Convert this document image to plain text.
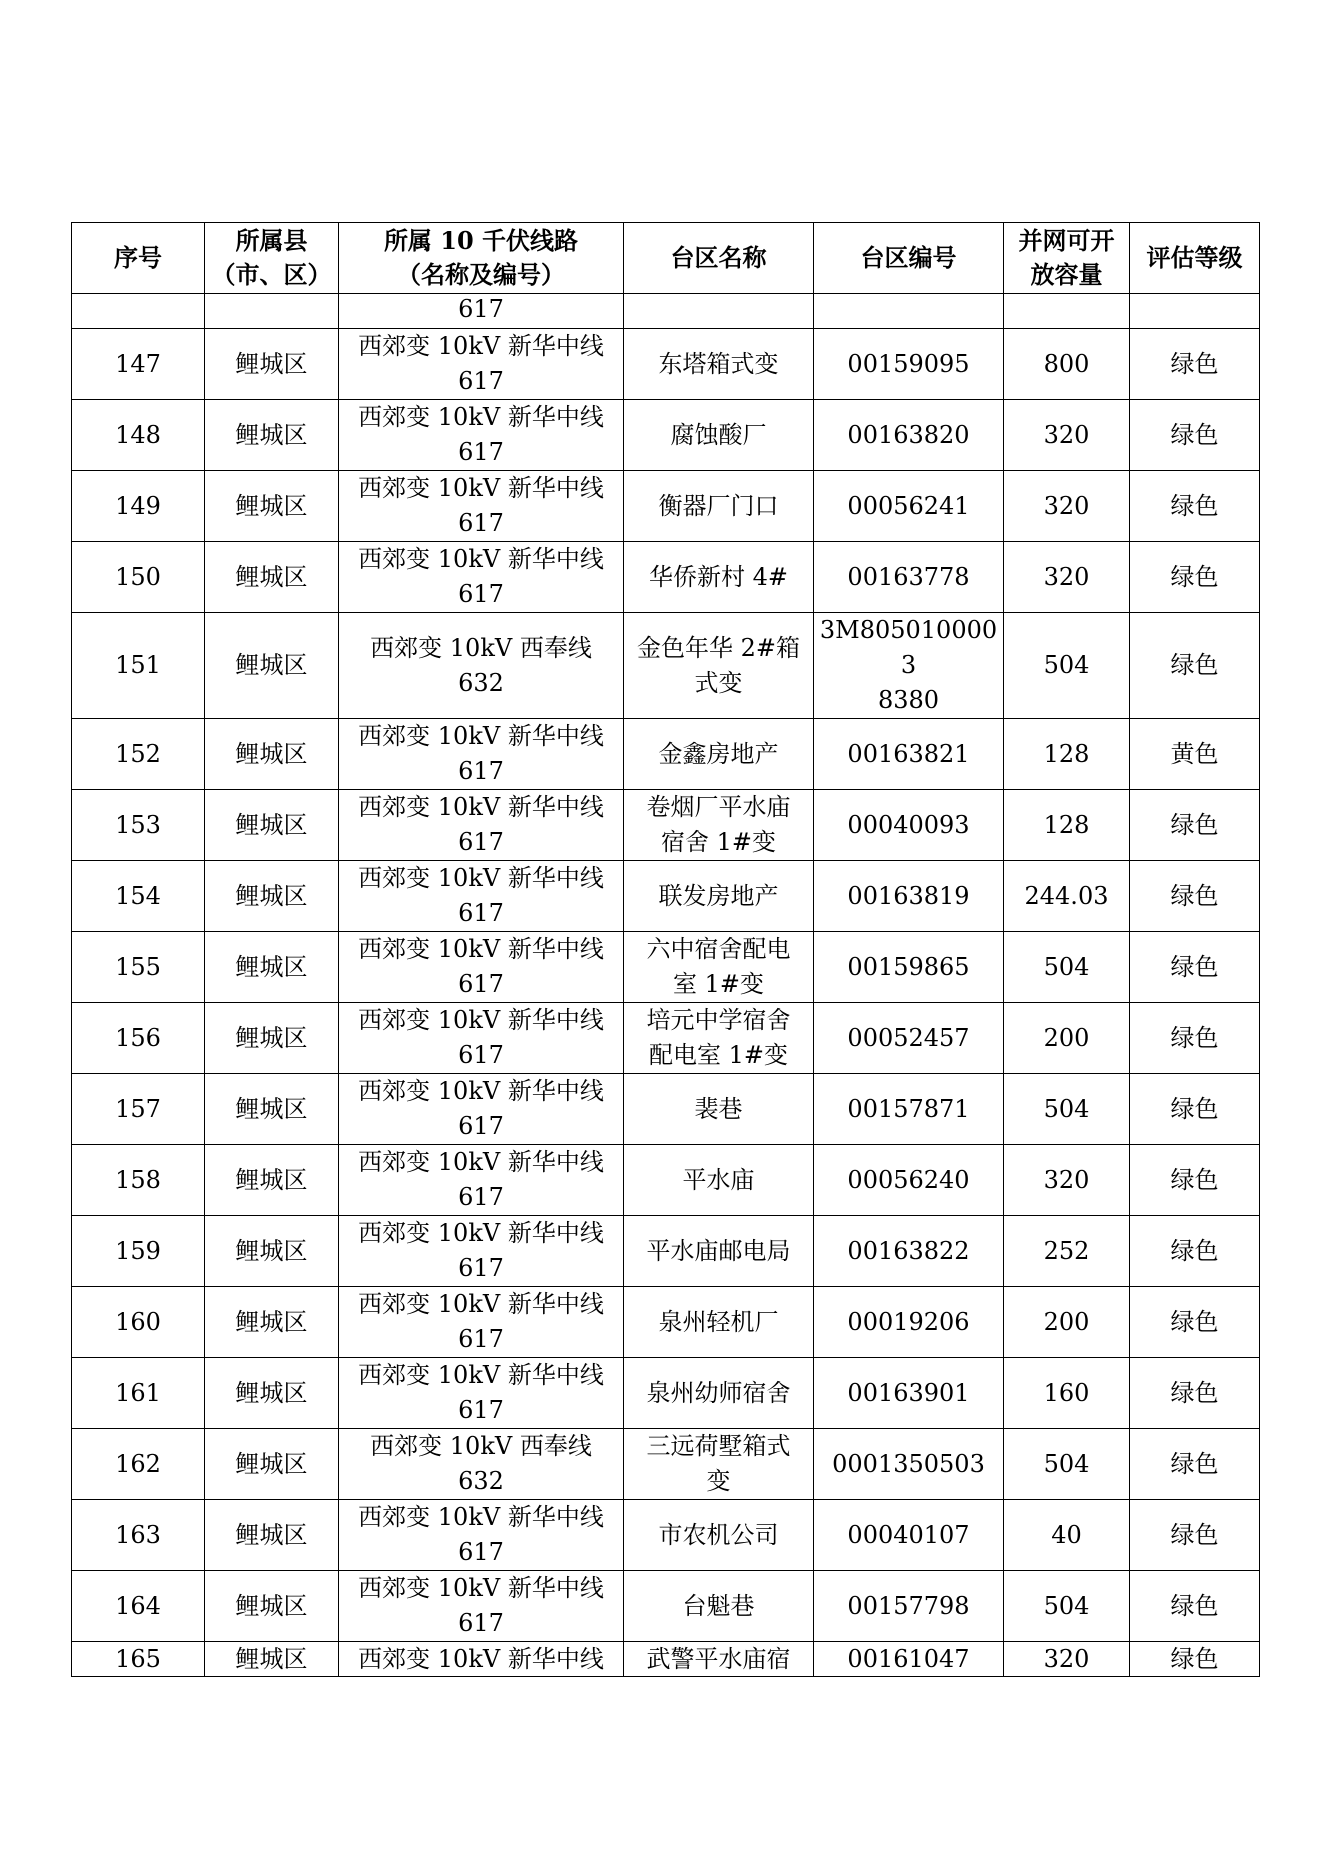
序号	所属县
（市、区）	所属 10 千伏线路
（名称及编号）	台区名称	台区编号	并网可开
放容量	评估等级
		617				
147	鲤城区	西郊变 10kV 新华中线
617	东塔箱式变	00159095	800	绿色
148	鲤城区	西郊变 10kV 新华中线
617	腐蚀酸厂	00163820	320	绿色
149	鲤城区	西郊变 10kV 新华中线
617	衡器厂门口	00056241	320	绿色
150	鲤城区	西郊变 10kV 新华中线
617	华侨新村 4#	00163778	320	绿色
151	鲤城区	西郊变 10kV 西奉线
632	金色年华 2#箱
式变	3M8050100003
8380	504	绿色
152	鲤城区	西郊变 10kV 新华中线
617	金鑫房地产	00163821	128	黄色
153	鲤城区	西郊变 10kV 新华中线
617	卷烟厂平水庙
宿舍 1#变	00040093	128	绿色
154	鲤城区	西郊变 10kV 新华中线
617	联发房地产	00163819	244.03	绿色
155	鲤城区	西郊变 10kV 新华中线
617	六中宿舍配电
室 1#变	00159865	504	绿色
156	鲤城区	西郊变 10kV 新华中线
617	培元中学宿舍
配电室 1#变	00052457	200	绿色
157	鲤城区	西郊变 10kV 新华中线
617	裴巷	00157871	504	绿色
158	鲤城区	西郊变 10kV 新华中线
617	平水庙	00056240	320	绿色
159	鲤城区	西郊变 10kV 新华中线
617	平水庙邮电局	00163822	252	绿色
160	鲤城区	西郊变 10kV 新华中线
617	泉州轻机厂	00019206	200	绿色
161	鲤城区	西郊变 10kV 新华中线
617	泉州幼师宿舍	00163901	160	绿色
162	鲤城区	西郊变 10kV 西奉线
632	三远荷墅箱式
变	0001350503	504	绿色
163	鲤城区	西郊变 10kV 新华中线
617	市农机公司	00040107	40	绿色
164	鲤城区	西郊变 10kV 新华中线
617	台魁巷	00157798	504	绿色
165	鲤城区	西郊变 10kV 新华中线	武警平水庙宿	00161047	320	绿色
